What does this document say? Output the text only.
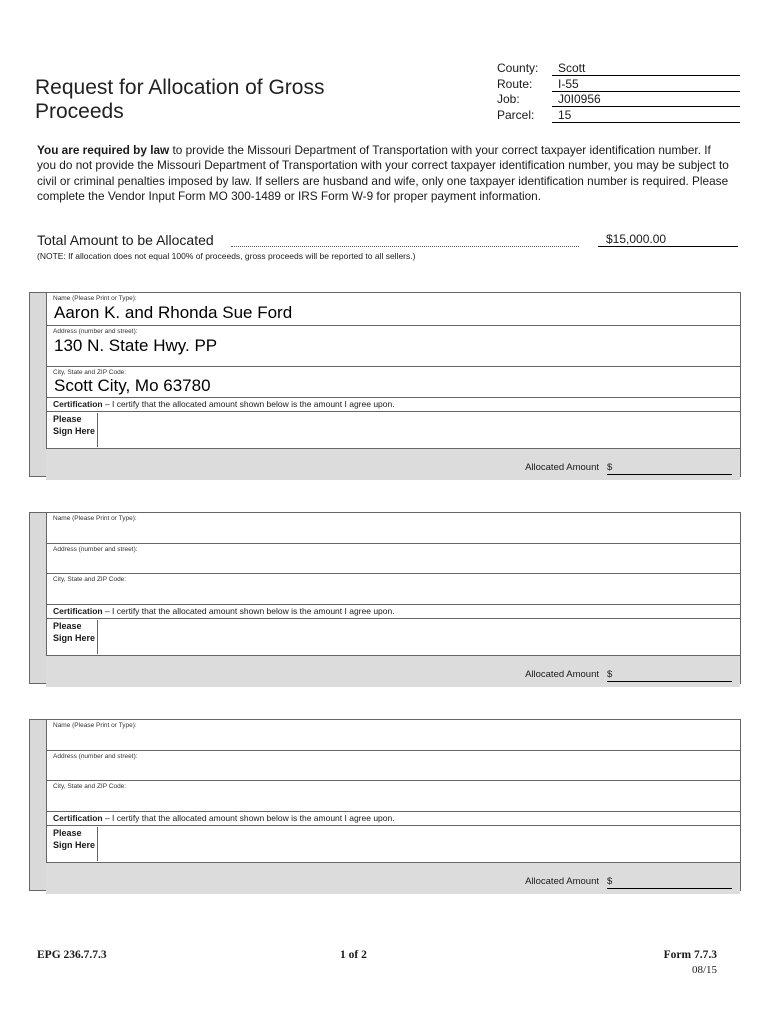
Request for Allocation of Gross Proceeds
County:	Scott
Route:	I-55
Job:	J0I0956
Parcel:	15
You are required by law to provide the Missouri Department of Transportation with your correct taxpayer identification number. If you do not provide the Missouri Department of Transportation with your correct taxpayer identification number, you may be subject to civil or criminal penalties imposed by law. If sellers are husband and wife, only one taxpayer identification number is required. Please complete the Vendor Input Form MO 300-1489 or IRS Form W-9 for proper payment information.
Total Amount to be Allocated	$15,000.00
(NOTE: If allocation does not equal 100% of proceeds, gross proceeds will be reported to all sellers.)
Name (Please Print or Type):
Aaron K. and Rhonda Sue Ford
Address (number and street):
130 N. State Hwy. PP
City, State and ZIP Code:
Scott City, Mo 63780
Certification – I certify that the allocated amount shown below is the amount I agree upon.
Please Sign Here
Allocated Amount $
Name (Please Print or Type):
Address (number and street):
City, State and ZIP Code:
Certification – I certify that the allocated amount shown below is the amount I agree upon.
Please Sign Here
Allocated Amount $
Name (Please Print or Type):
Address (number and street):
City, State and ZIP Code:
Certification – I certify that the allocated amount shown below is the amount I agree upon.
Please Sign Here
Allocated Amount $
EPG 236.7.7.3	1 of 2	Form 7.7.3
08/15
